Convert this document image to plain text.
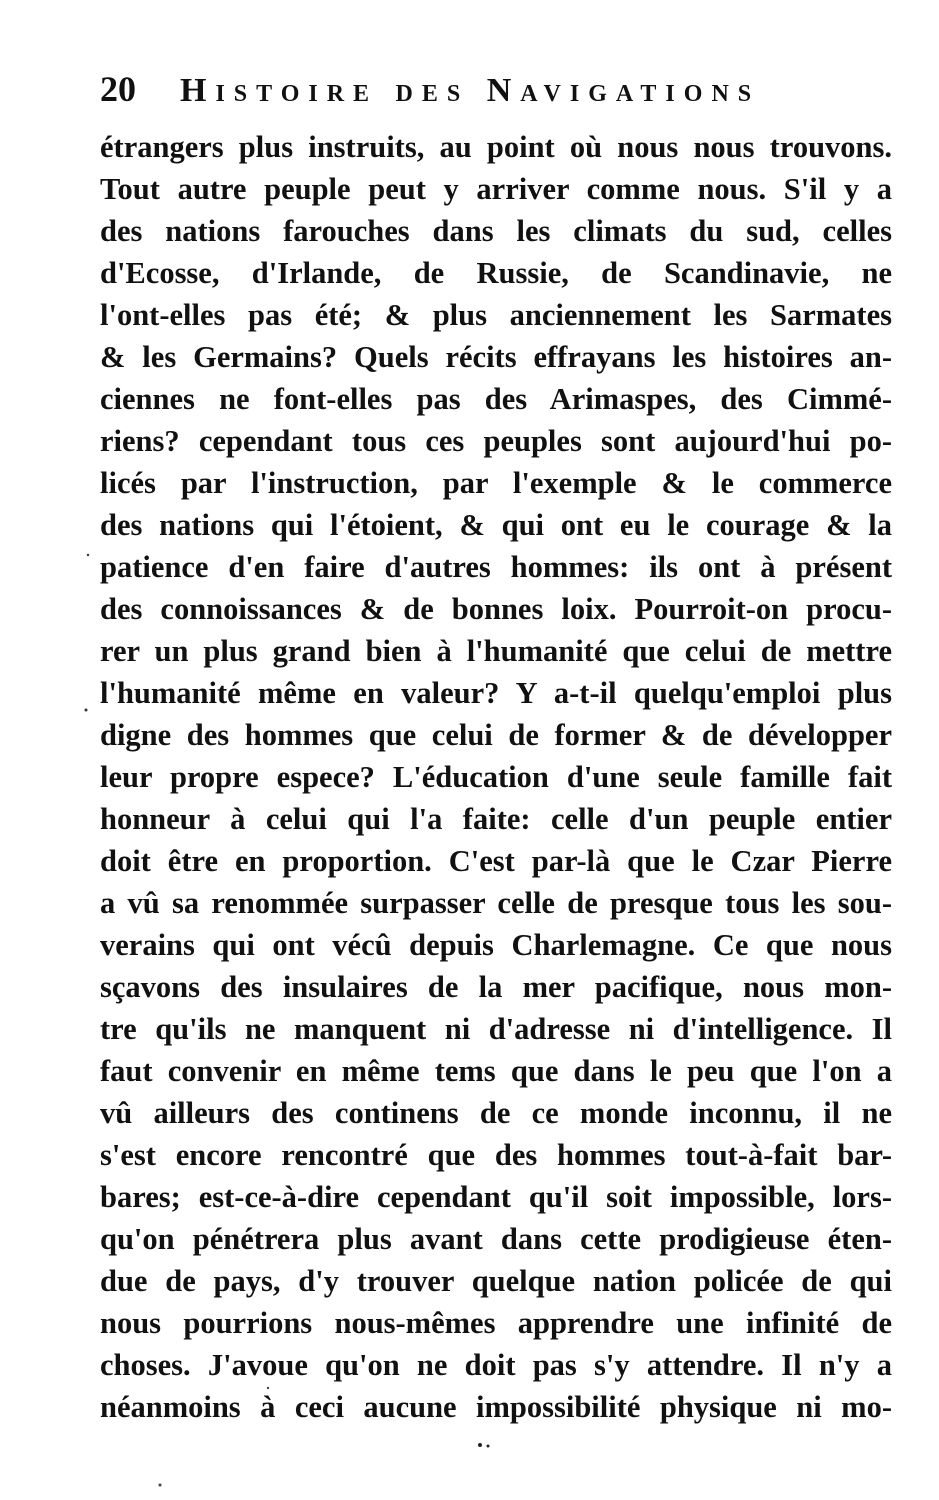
20	Histoire des Navigations
étrangers plus instruits, au point où nous nous trouvons.
Tout autre peuple peut y arriver comme nous. S'il y a
des nations farouches dans les climats du sud, celles
d'Ecosse, d'Irlande, de Russie, de Scandinavie, ne
l'ont-elles pas été; & plus anciennement les Sarmates
& les Germains? Quels récits effrayans les histoires an-
ciennes ne font-elles pas des Arimaspes, des Cimmé-
riens? cependant tous ces peuples sont aujourd'hui po-
licés par l'instruction, par l'exemple & le commerce
des nations qui l'étoient, & qui ont eu le courage & la
patience d'en faire d'autres hommes: ils ont à présent
des connoissances & de bonnes loix. Pourroit-on procu-
rer un plus grand bien à l'humanité que celui de mettre
l'humanité même en valeur? Y a-t-il quelqu'emploi plus
digne des hommes que celui de former & de développer
leur propre espece? L'éducation d'une seule famille fait
honneur à celui qui l'a faite: celle d'un peuple entier
doit être en proportion. C'est par-là que le Czar Pierre
a vû sa renommée surpasser celle de presque tous les sou-
verains qui ont vécû depuis Charlemagne. Ce que nous
sçavons des insulaires de la mer pacifique, nous mon-
tre qu'ils ne manquent ni d'adresse ni d'intelligence. Il
faut convenir en même tems que dans le peu que l'on a
vû ailleurs des continens de ce monde inconnu, il ne
s'est encore rencontré que des hommes tout-à-fait bar-
bares; est-ce-à-dire cependant qu'il soit impossible, lors-
qu'on pénétrera plus avant dans cette prodigieuse éten-
due de pays, d'y trouver quelque nation policée de qui
nous pourrions nous-mêmes apprendre une infinité de
choses. J'avoue qu'on ne doit pas s'y attendre. Il n'y a
néanmoins à ceci aucune impossibilité physique ni mo-
